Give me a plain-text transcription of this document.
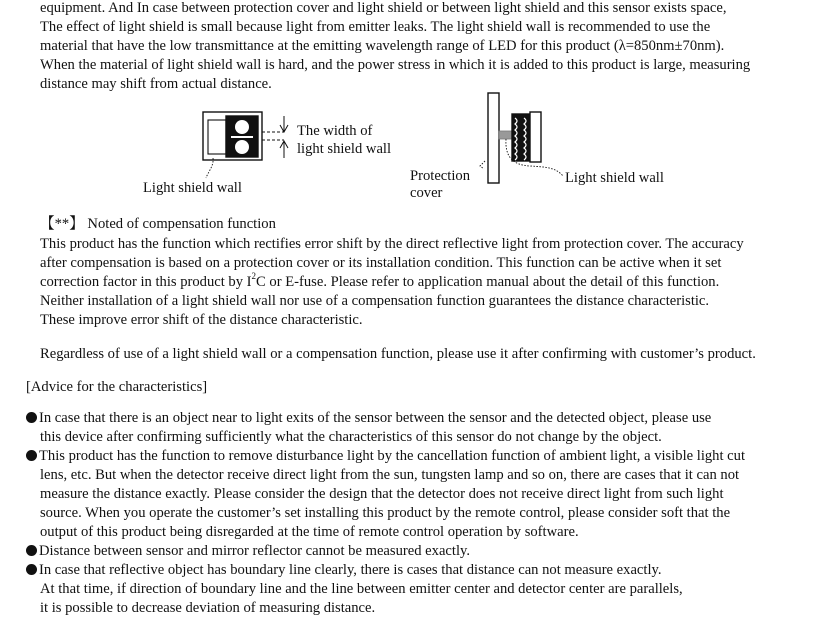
equipment. And In case between protection cover and light shield or between light shield and this sensor exists space,
The effect of light shield is small because light from emitter leaks. The light shield wall is recommended to use the
material that have the low transmittance at the emitting wavelength range of LED for this product (λ=850nm±70nm).
When the material of light shield wall is hard, and the power stress in which it is added to this product is large, measuring
distance may shift from actual distance.
The width of
light shield wall
Light shield wall
Protection
cover
Light shield wall
【**】 Noted of compensation function
This product has the function which rectifies error shift by the direct reflective light from protection cover. The accuracy
after compensation is based on a protection cover or its installation condition. This function can be active when it set
correction factor in this product by $I^2C$ or E-fuse. Please refer to application manual about the detail of this function.
Neither installation of a light shield wall nor use of a compensation function guarantees the distance characteristic.
These improve error shift of the distance characteristic.
Regardless of use of a light shield wall or a compensation function, please use it after confirming with customer’s product.
[Advice for the characteristics]
In case that there is an object near to light exits of the sensor between the sensor and the detected object, please use
this device after confirming sufficiently what the characteristics of this sensor do not change by the object.
This product has the function to remove disturbance light by the cancellation function of ambient light, a visible light cut
lens, etc. But when the detector receive direct light from the sun, tungsten lamp and so on, there are cases that it can not
measure the distance exactly. Please consider the design that the detector does not receive direct light from such light
source. When you operate the customer’s set installing this product by the remote control, please consider soft that the
output of this product being disregarded at the time of remote control operation by software.
Distance between sensor and mirror reflector cannot be measured exactly.
In case that reflective object has boundary line clearly, there is cases that distance can not measure exactly.
At that time, if direction of boundary line and the line between emitter center and detector center are parallels,
it is possible to decrease deviation of measuring distance.
